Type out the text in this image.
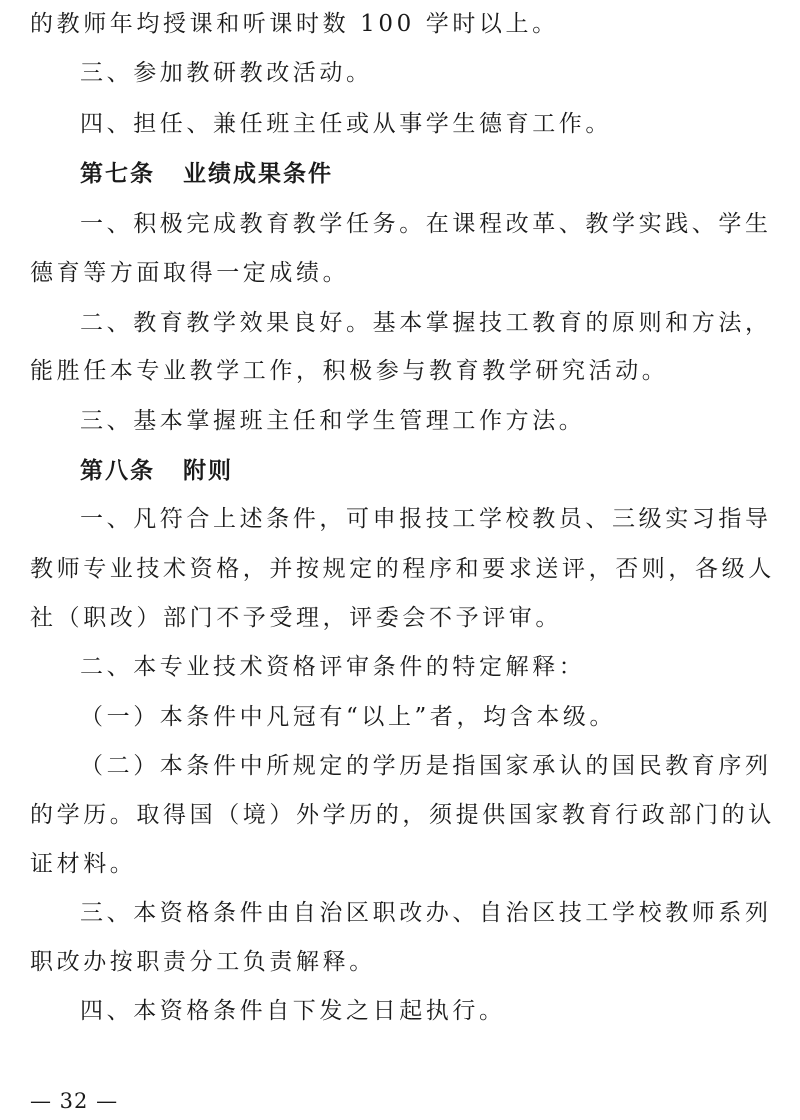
的教师年均授课和听课时数 100 学时以上。
三、参加教研教改活动。
四、担任、兼任班主任或从事学生德育工作。
第七条 业绩成果条件
一、积极完成教育教学任务。在课程改革、教学实践、学生
德育等方面取得一定成绩。
二、教育教学效果良好。基本掌握技工教育的原则和方法，
能胜任本专业教学工作，积极参与教育教学研究活动。
三、基本掌握班主任和学生管理工作方法。
第八条 附则
一、凡符合上述条件，可申报技工学校教员、三级实习指导
教师专业技术资格，并按规定的程序和要求送评，否则，各级人
社（职改）部门不予受理，评委会不予评审。
二、本专业技术资格评审条件的特定解释：
（一）本条件中凡冠有“以上”者，均含本级。
（二）本条件中所规定的学历是指国家承认的国民教育序列
的学历。取得国（境）外学历的，须提供国家教育行政部门的认
证材料。
三、本资格条件由自治区职改办、自治区技工学校教师系列
职改办按职责分工负责解释。
四、本资格条件自下发之日起执行。
— 32 —
